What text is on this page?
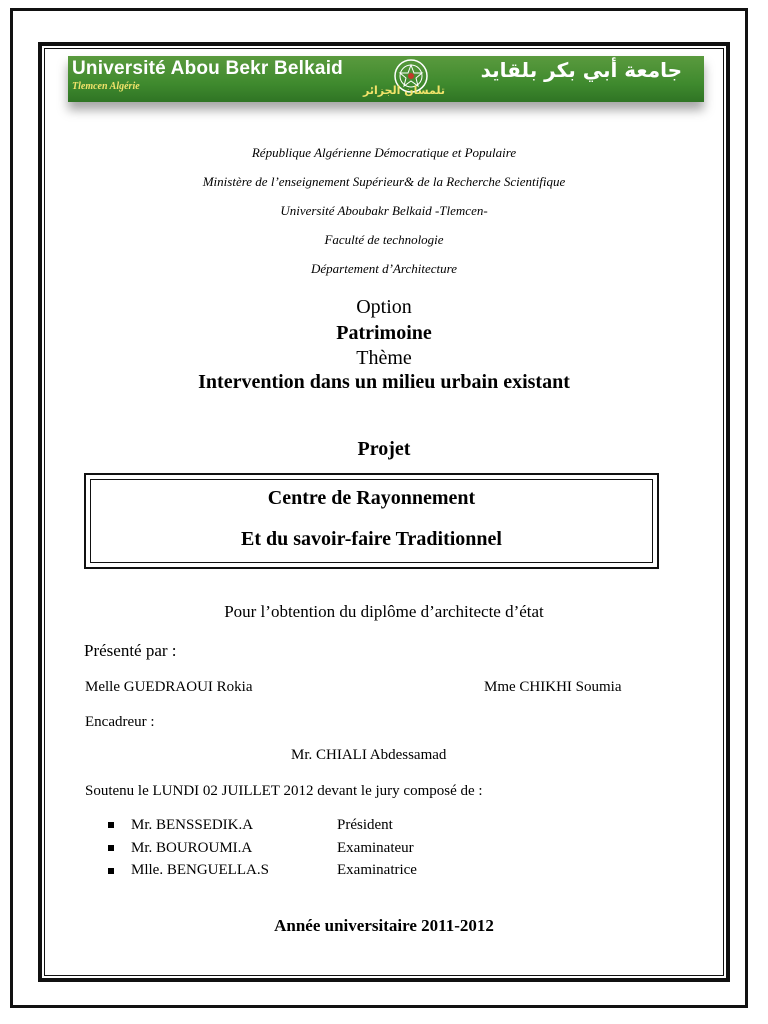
Université Abou Bekr Belkaid
Tlemcen Algérie	تلمسان الجزائر
جامعة أبي بكر بلقايد
République Algérienne Démocratique et Populaire
Ministère de l’enseignement Supérieur& de la Recherche Scientifique
Université Aboubakr Belkaid -Tlemcen-
Faculté de technologie
Département d’Architecture
Option
Patrimoine
Thème
Intervention dans un milieu urbain existant
Projet
Centre de Rayonnement
Et du savoir-faire Traditionnel
Pour l’obtention du diplôme d’architecte d’état
Présenté par :
Melle GUEDRAOUI Rokia	Mme CHIKHI Soumia
Encadreur :
Mr. CHIALI Abdessamad
Soutenu le LUNDI 02 JUILLET 2012 devant le jury composé de :
Mr. BENSSEDIK.A	Président
Mr. BOUROUMI.A	Examinateur
Mlle. BENGUELLA.S	Examinatrice
Année universitaire 2011-2012
